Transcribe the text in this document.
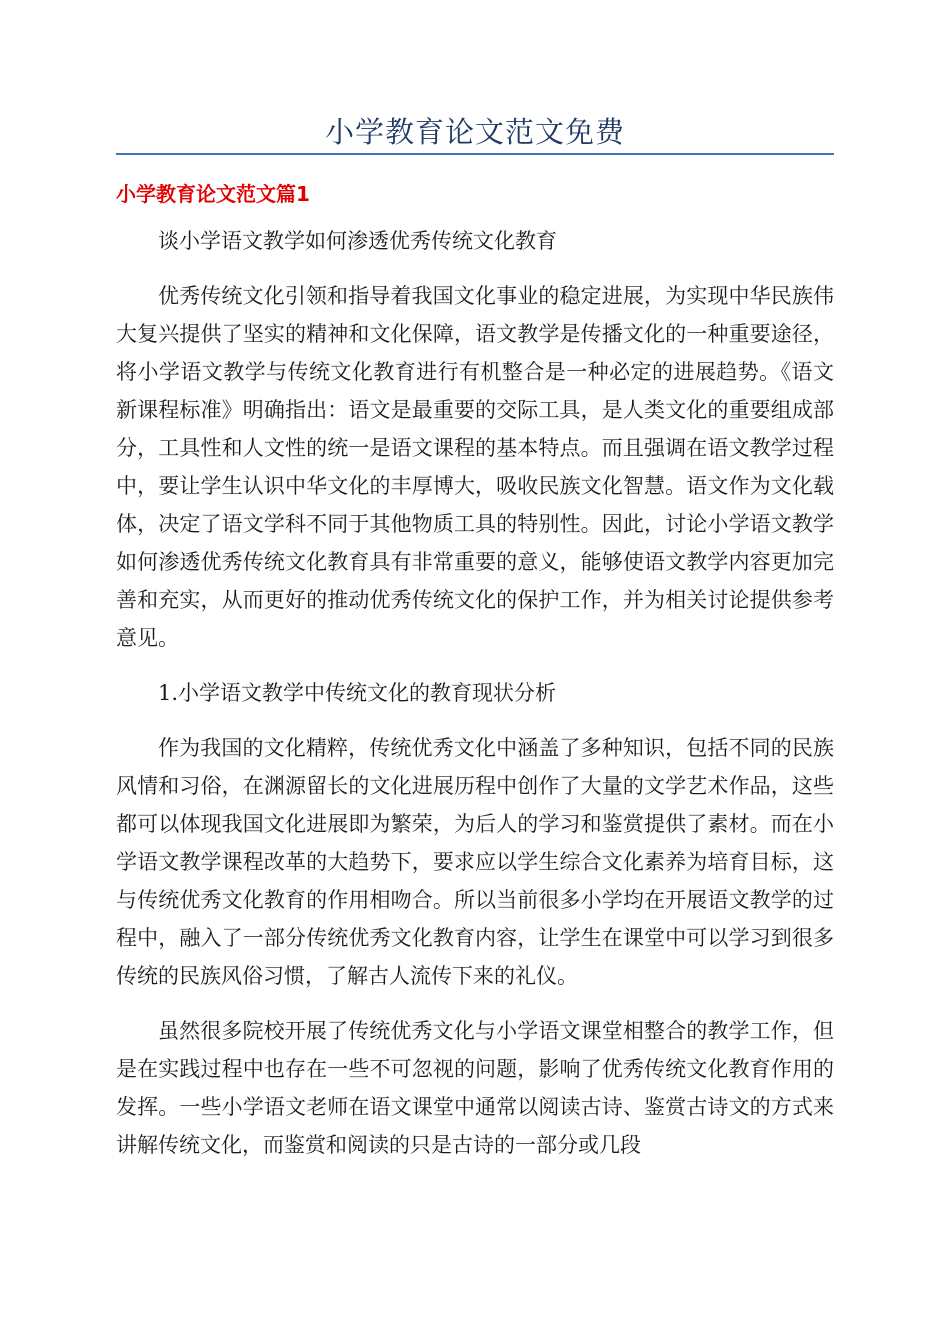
小学教育论文范文免费
小学教育论文范文篇1

谈小学语文教学如何渗透优秀传统文化教育

优秀传统文化引领和指导着我国文化事业的稳定进展，为实现中华民族伟大复兴提供了坚实的精神和文化保障，语文教学是传播文化的一种重要途径，将小学语文教学与传统文化教育进行有机整合是一种必定的进展趋势。《语文新课程标准》明确指出：语文是最重要的交际工具，是人类文化的重要组成部分，工具性和人文性的统一是语文课程的基本特点。而且强调在语文教学过程中，要让学生认识中华文化的丰厚博大，吸收民族文化智慧。语文作为文化载体，决定了语文学科不同于其他物质工具的特别性。因此，讨论小学语文教学如何渗透优秀传统文化教育具有非常重要的意义，能够使语文教学内容更加完善和充实，从而更好的推动优秀传统文化的保护工作，并为相关讨论提供参考意见。

1.小学语文教学中传统文化的教育现状分析

作为我国的文化精粹，传统优秀文化中涵盖了多种知识，包括不同的民族风情和习俗，在渊源留长的文化进展历程中创作了大量的文学艺术作品，这些都可以体现我国文化进展即为繁荣，为后人的学习和鉴赏提供了素材。而在小学语文教学课程改革的大趋势下，要求应以学生综合文化素养为培育目标，这与传统优秀文化教育的作用相吻合。所以当前很多小学均在开展语文教学的过程中，融入了一部分传统优秀文化教育内容，让学生在课堂中可以学习到很多传统的民族风俗习惯，了解古人流传下来的礼仪。

虽然很多院校开展了传统优秀文化与小学语文课堂相整合的教学工作，但是在实践过程中也存在一些不可忽视的问题，影响了优秀传统文化教育作用的发挥。一些小学语文老师在语文课堂中通常以阅读古诗、鉴赏古诗文的方式来讲解传统文化，而鉴赏和阅读的只是古诗的一部分或几段
